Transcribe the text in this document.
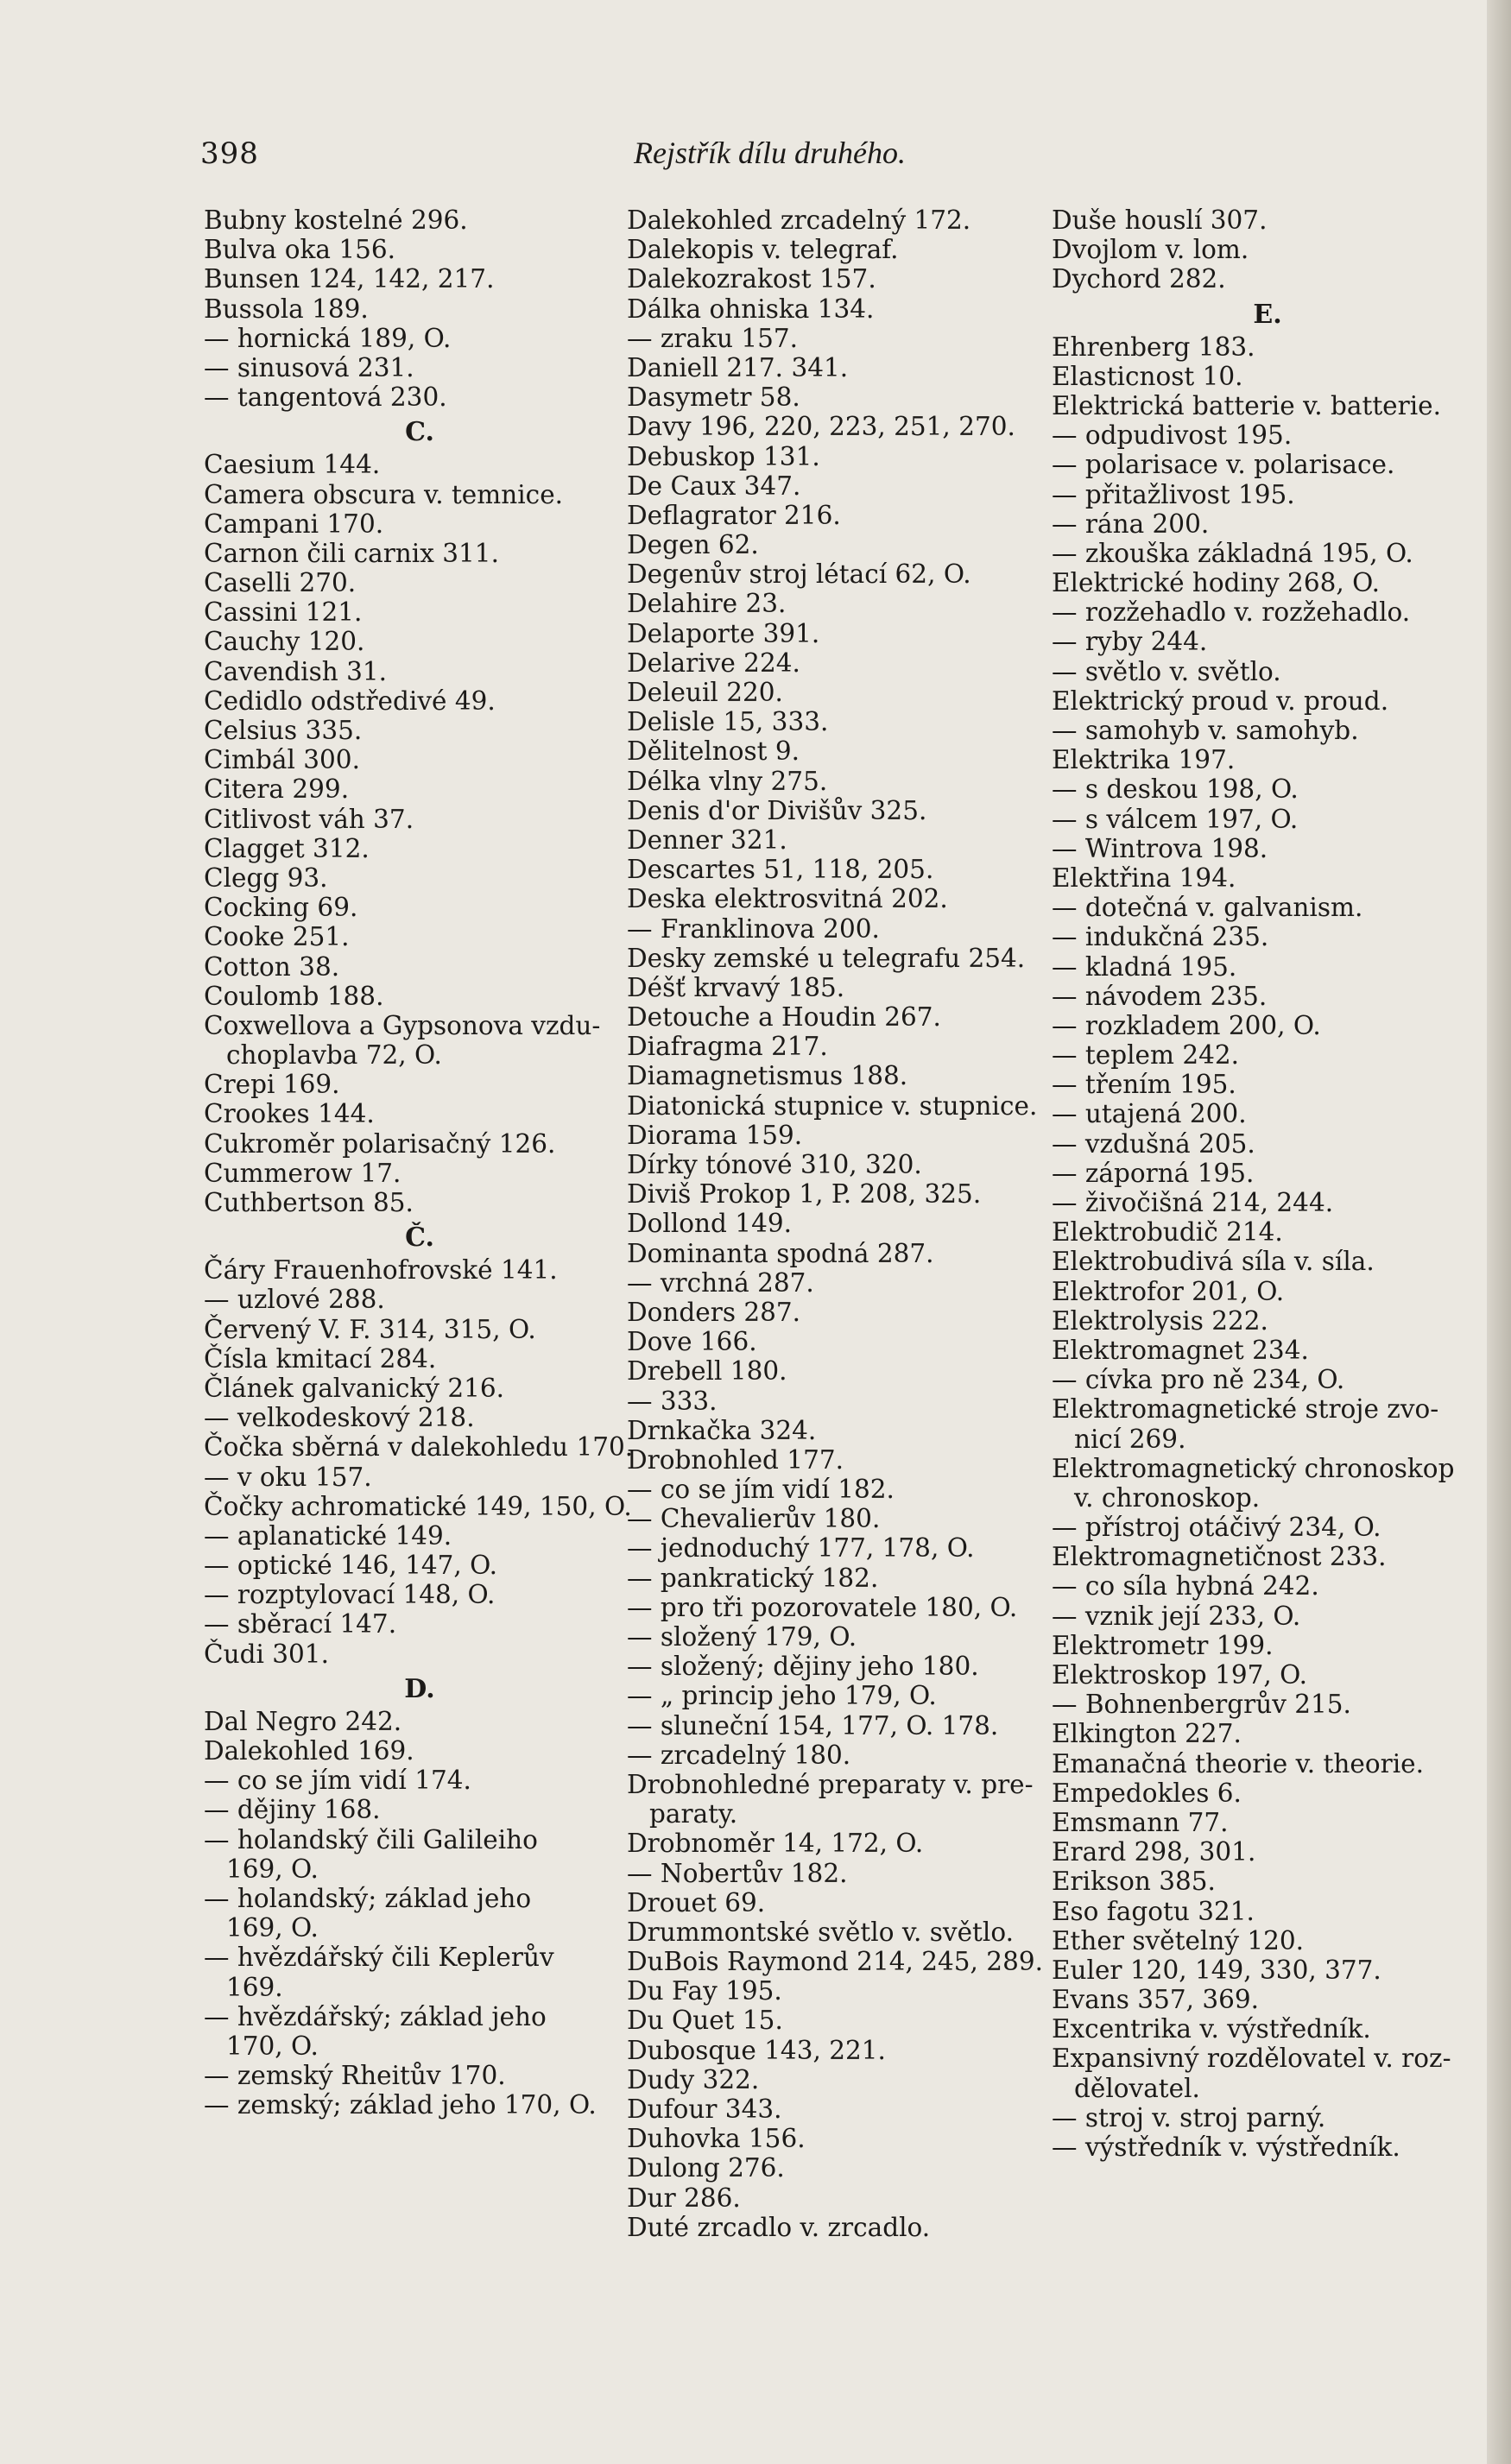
398	Rejstřík dílu druhého.
Bubny kostelné 296.
Bulva oka 156.
Bunsen 124, 142, 217.
Bussola 189.
— hornická 189, O.
— sinusová 231.
— tangentová 230.
C.
Caesium 144.
Camera obscura v. temnice.
Campani 170.
Carnon čili carnix 311.
Caselli 270.
Cassini 121.
Cauchy 120.
Cavendish 31.
Cedidlo odstředivé 49.
Celsius 335.
Cimbál 300.
Citera 299.
Citlivost váh 37.
Clagget 312.
Clegg 93.
Cocking 69.
Cooke 251.
Cotton 38.
Coulomb 188.
Coxwellova a Gypsonova vzdu-
choplavba 72, O.
Crepi 169.
Crookes 144.
Cukroměr polarisačný 126.
Cummerow 17.
Cuthbertson 85.
Č.
Čáry Frauenhofrovské 141.
— uzlové 288.
Červený V. F. 314, 315, O.
Čísla kmitací 284.
Článek galvanický 216.
— velkodeskový 218.
Čočka sběrná v dalekohledu 170.
— v oku 157.
Čočky achromatické 149, 150, O.
— aplanatické 149.
— optické 146, 147, O.
— rozptylovací 148, O.
— sběrací 147.
Čudi 301.
D.
Dal Negro 242.
Dalekohled 169.
— co se jím vidí 174.
— dějiny 168.
— holandský čili Galileiho
169, O.
— holandský; základ jeho
169, O.
— hvězdářský čili Keplerův
169.
— hvězdářský; základ jeho
170, O.
— zemský Rheitův 170.
— zemský; základ jeho 170, O.
Dalekohled zrcadelný 172.
Dalekopis v. telegraf.
Dalekozrakost 157.
Dálka ohniska 134.
— zraku 157.
Daniell 217. 341.
Dasymetr 58.
Davy 196, 220, 223, 251, 270.
Debuskop 131.
De Caux 347.
Deflagrator 216.
Degen 62.
Degenův stroj létací 62, O.
Delahire 23.
Delaporte 391.
Delarive 224.
Deleuil 220.
Delisle 15, 333.
Dělitelnost 9.
Délka vlny 275.
Denis d'or Divišův 325.
Denner 321.
Descartes 51, 118, 205.
Deska elektrosvitná 202.
— Franklinova 200.
Desky zemské u telegrafu 254.
Déšť krvavý 185.
Detouche a Houdin 267.
Diafragma 217.
Diamagnetismus 188.
Diatonická stupnice v. stupnice.
Diorama 159.
Dírky tónové 310, 320.
Diviš Prokop 1, P. 208, 325.
Dollond 149.
Dominanta spodná 287.
— vrchná 287.
Donders 287.
Dove 166.
Drebell 180.
— 333.
Drnkačka 324.
Drobnohled 177.
— co se jím vidí 182.
— Chevalierův 180.
— jednoduchý 177, 178, O.
— pankratický 182.
— pro tři pozorovatele 180, O.
— složený 179, O.
— složený; dějiny jeho 180.
— „ princip jeho 179, O.
— sluneční 154, 177, O. 178.
— zrcadelný 180.
Drobnohledné preparaty v. pre-
paraty.
Drobnoměr 14, 172, O.
— Nobertův 182.
Drouet 69.
Drummontské světlo v. světlo.
DuBois Raymond 214, 245, 289.
Du Fay 195.
Du Quet 15.
Dubosque 143, 221.
Dudy 322.
Dufour 343.
Duhovka 156.
Dulong 276.
Dur 286.
Duté zrcadlo v. zrcadlo.
Duše houslí 307.
Dvojlom v. lom.
Dychord 282.
E.
Ehrenberg 183.
Elasticnost 10.
Elektrická batterie v. batterie.
— odpudivost 195.
— polarisace v. polarisace.
— přitažlivost 195.
— rána 200.
— zkouška základná 195, O.
Elektrické hodiny 268, O.
— rozžehadlo v. rozžehadlo.
— ryby 244.
— světlo v. světlo.
Elektrický proud v. proud.
— samohyb v. samohyb.
Elektrika 197.
— s deskou 198, O.
— s válcem 197, O.
— Wintrova 198.
Elektřina 194.
— dotečná v. galvanism.
— indukčná 235.
— kladná 195.
— návodem 235.
— rozkladem 200, O.
— teplem 242.
— třením 195.
— utajená 200.
— vzdušná 205.
— záporná 195.
— živočišná 214, 244.
Elektrobudič 214.
Elektrobudivá síla v. síla.
Elektrofor 201, O.
Elektrolysis 222.
Elektromagnet 234.
— cívka pro ně 234, O.
Elektromagnetické stroje zvo-
nicí 269.
Elektromagnetický chronoskop
v. chronoskop.
— přístroj otáčivý 234, O.
Elektromagnetičnost 233.
— co síla hybná 242.
— vznik její 233, O.
Elektrometr 199.
Elektroskop 197, O.
— Bohnenbergrův 215.
Elkington 227.
Emanačná theorie v. theorie.
Empedokles 6.
Emsmann 77.
Erard 298, 301.
Erikson 385.
Eso fagotu 321.
Ether světelný 120.
Euler 120, 149, 330, 377.
Evans 357, 369.
Excentrika v. výstředník.
Expansivný rozdělovatel v. roz-
dělovatel.
— stroj v. stroj parný.
— výstředník v. výstředník.
